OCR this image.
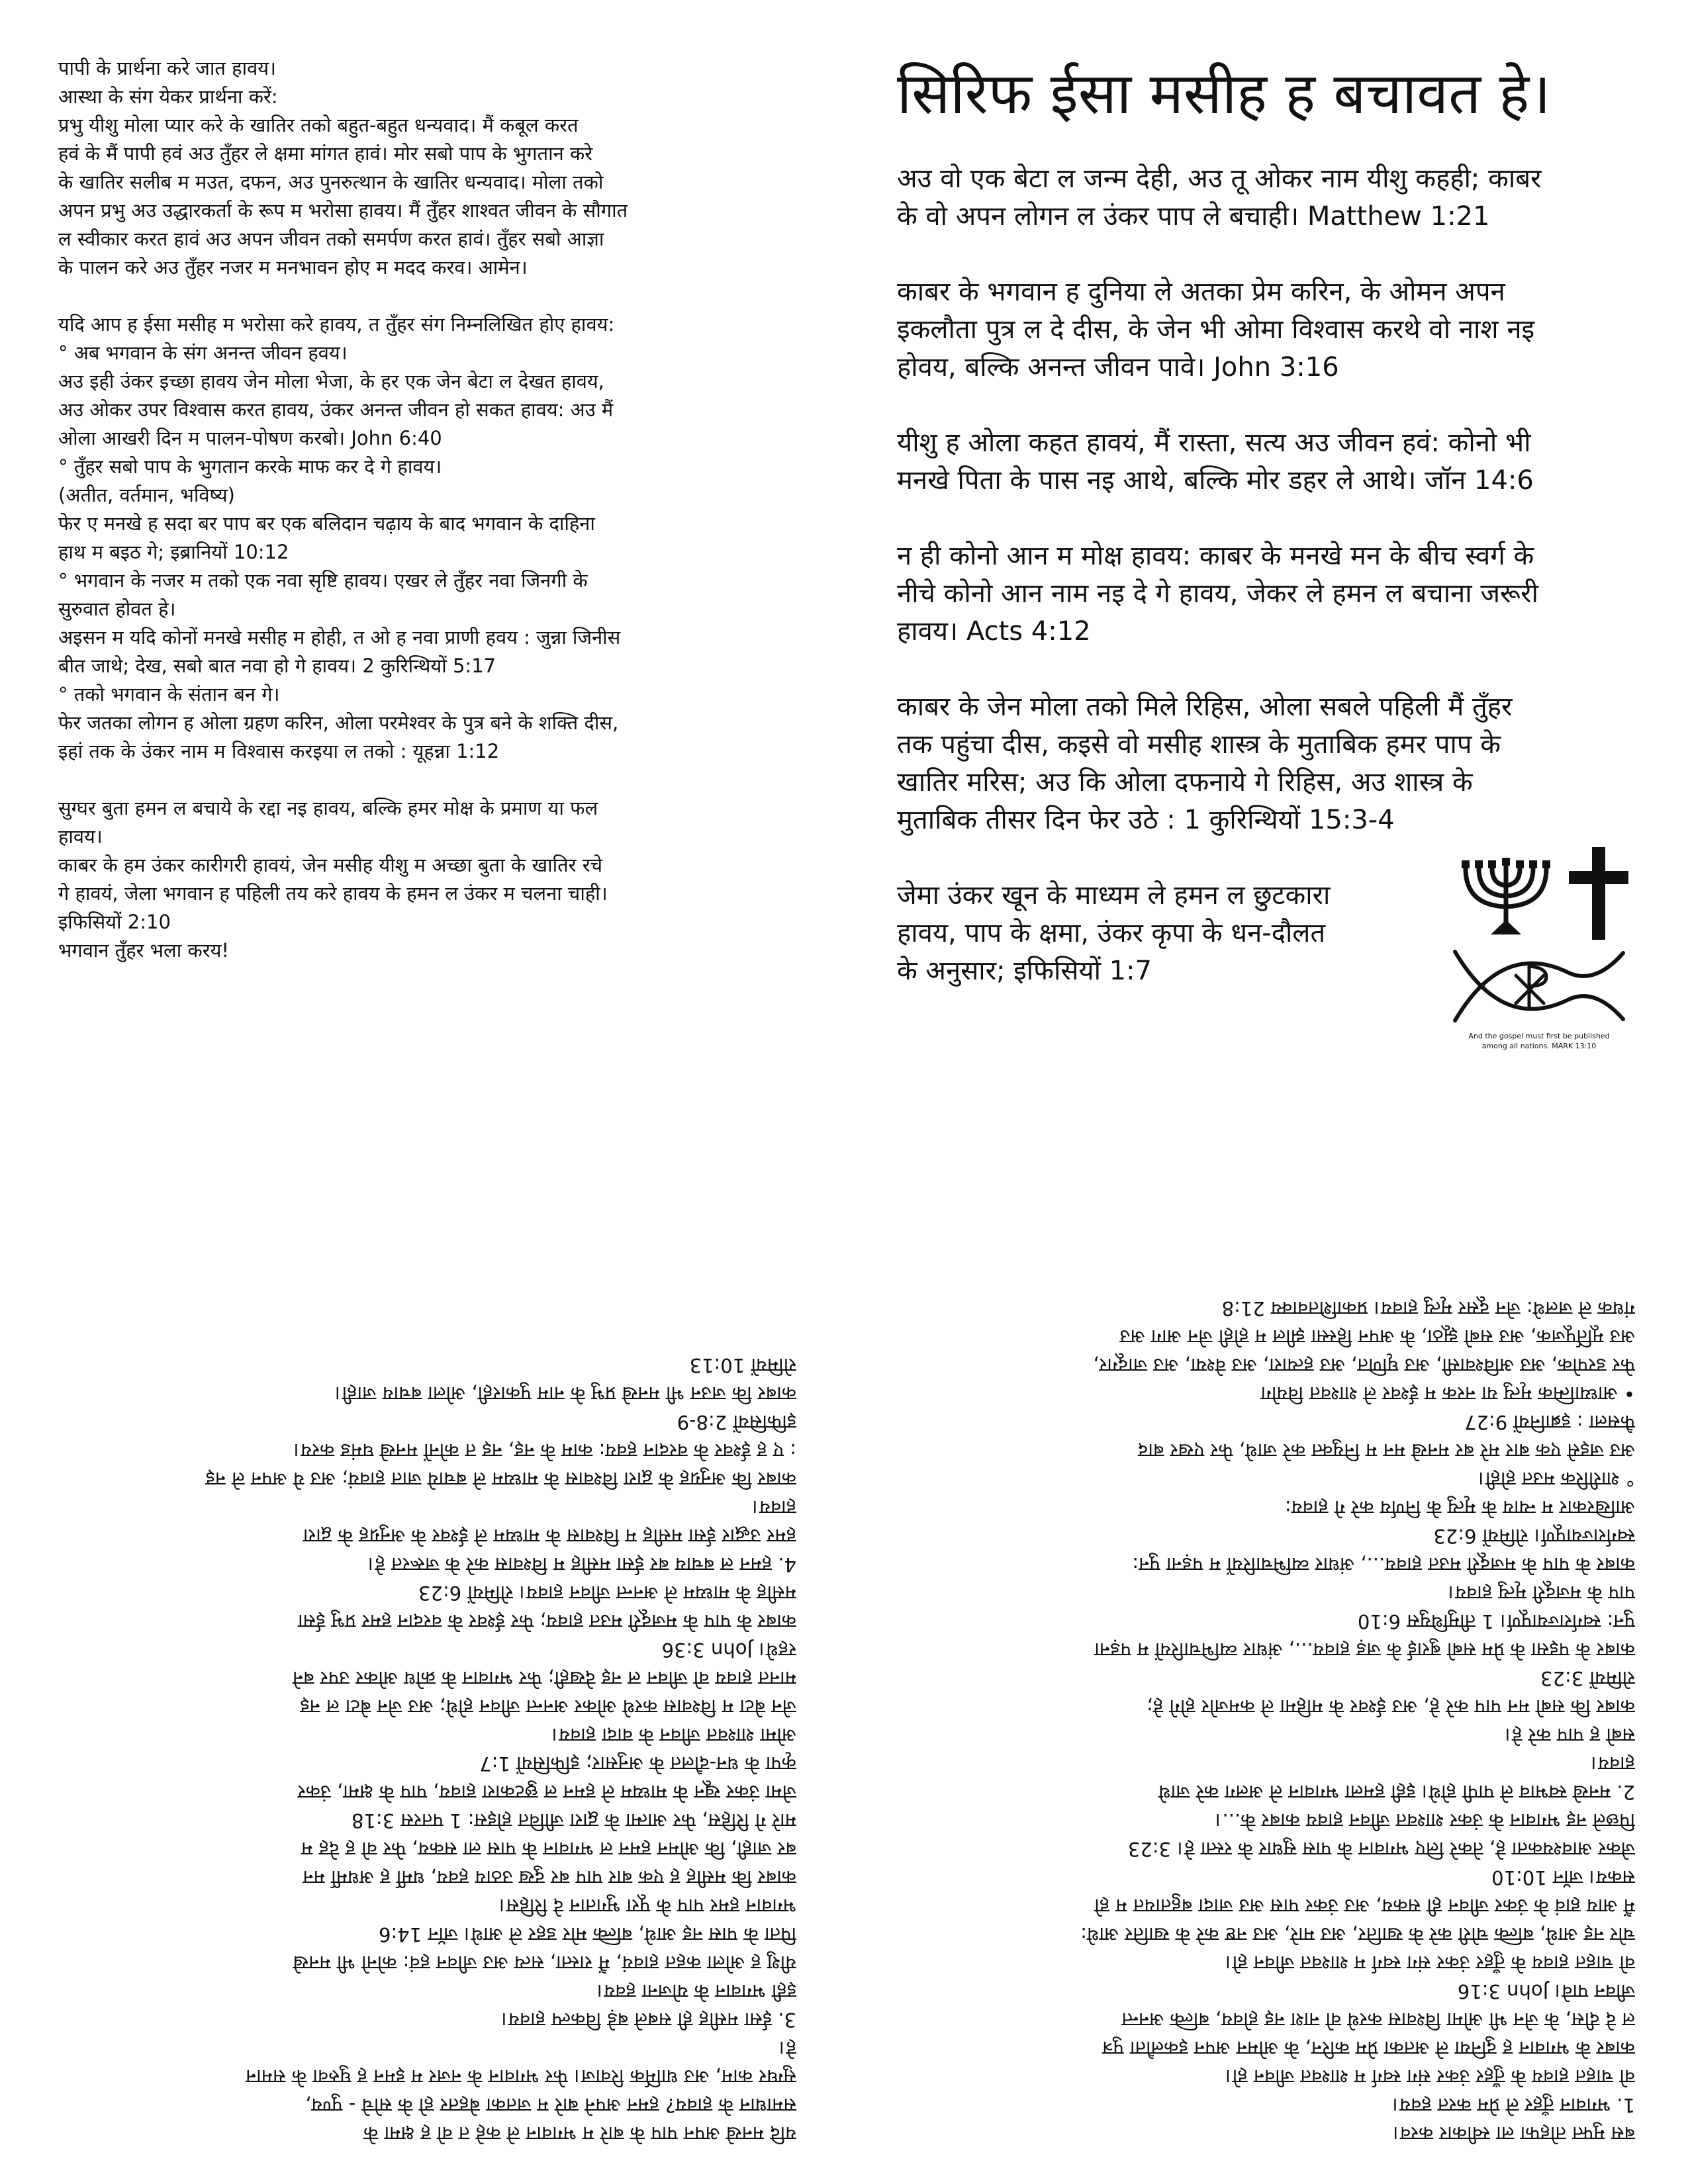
पापी के प्रार्थना करे जात हावय।

आस्था के संग येकर प्रार्थना करें:

प्रभु यीशु मोला प्यार करे के खातिर तको बहुत-बहुत धन्यवाद। मैं कबूल करत
हवं के मैं पापी हवं अउ तुँहर ले क्षमा मांगत हावं। मोर सबो पाप के भुगतान करे
के खातिर सलीब म मउत, दफन, अउ पुनरुत्थान के खातिर धन्यवाद। मोला तको
अपन प्रभु अउ उद्धारकर्ता के रूप म भरोसा हावय। मैं तुँहर शाश्वत जीवन के सौगात
ल स्वीकार करत हावं अउ अपन जीवन तको समर्पण करत हावं। तुँहर सबो आज्ञा
के पालन करे अउ तुँहर नजर म मनभावन होए म मदद करव। आमेन।

यदि आप ह ईसा मसीह म भरोसा करे हावय, त तुँहर संग निम्नलिखित होए हावय:
° अब भगवान के संग अनन्त जीवन हवय।
अउ इही उंकर इच्छा हावय जेन मोला भेजा, के हर एक जेन बेटा ल देखत हावय,
अउ ओकर उपर विश्वास करत हावय, उंकर अनन्त जीवन हो सकत हावय: अउ मैं
ओला आखरी दिन म पालन-पोषण करबो। John 6:40
° तुँहर सबो पाप के भुगतान करके माफ कर दे गे हावय।
(अतीत, वर्तमान, भविष्य)
फेर ए मनखे ह सदा बर पाप बर एक बलिदान चढ़ाय के बाद भगवान के दाहिना
हाथ म बइठ गे; इब्रानियों 10:12
° भगवान के नजर म तको एक नवा सृष्टि हावय। एखर ले तुँहर नवा जिनगी के
सुरुवात होवत हे।
अइसन म यदि कोनों मनखे मसीह म होही, त ओ ह नवा प्राणी हवय : जुन्ना जिनीस
बीत जाथे; देख, सबो बात नवा हो गे हावय। 2 कुरिन्थियों 5:17
° तको भगवान के संतान बन गे।
फेर जतका लोगन ह ओला ग्रहण करिन, ओला परमेश्वर के पुत्र बने के शक्ति दीस,
इहां तक के उंकर नाम म विश्वास करइया ल तको : यूहन्ना 1:12

सुग्घर बुता हमन ल बचाये के रद्दा नइ हावय, बल्कि हमर मोक्ष के प्रमाण या फल
हावय।
काबर के हम उंकर कारीगरी हावयं, जेन मसीह यीशु म अच्छा बुता के खातिर रचे
गे हावयं, जेला भगवान ह पहिली तय करे हावय के हमन ल उंकर म चलना चाही।
इफिसियों 2:10
भगवान तुँहर भला करय!

सिरिफ ईसा मसीह ह बचावत हे।

अउ वो एक बेटा ल जन्म देही, अउ तू ओकर नाम यीशु कहही; काबर
के वो अपन लोगन ल उंकर पाप ले बचाही। Matthew 1:21

काबर के भगवान ह दुनिया ले अतका प्रेम करिन, के ओमन अपन
इकलौता पुत्र ल दे दीस, के जेन भी ओमा विश्वास करथे वो नाश नइ
होवय, बल्कि अनन्त जीवन पावे। John 3:16

यीशु ह ओला कहत हावयं, मैं रास्ता, सत्य अउ जीवन हवं: कोनो भी
मनखे पिता के पास नइ आथे, बल्कि मोर डहर ले आथे। जॉन 14:6

न ही कोनो आन म मोक्ष हावय: काबर के मनखे मन के बीच स्वर्ग के
नीचे कोनो आन नाम नइ दे गे हावय, जेकर ले हमन ल बचाना जरूरी
हावय। Acts 4:12

काबर के जेन मोला तको मिले रिहिस, ओला सबले पहिली मैं तुँहर
तक पहुंचा दीस, कइसे वो मसीह शास्त्र के मुताबिक हमर पाप के
खातिर मरिस; अउ कि ओला दफनाये गे रिहिस, अउ शास्त्र के
मुताबिक तीसर दिन फेर उठे : 1 कुरिन्थियों 15:3-4

जेमा उंकर खून के माध्यम ले हमन ल छुटकारा
हावय, पाप के क्षमा, उंकर कृपा के धन-दौलत
के अनुसार; इफिसियों 1:7

And the gospel must first be published
among all nations. MARK 13:10

यदि मनखे अपन पाप के बारे म भगवान ले कहे त वो ह क्षमा के
समाधान के हावय? हमन अपने बारे म जतका बेहतर हो के सोचे - पुण्य,
सुग्घर काम, अउ धार्मिक रिवाज। फेर भगवान के नजर म इमन ह घुरुवा के समान
हे।
3. ईसा मसीह ही सबले बड़े विकल्प हावय।
इही भगवान के योजना हवय।
यीशु ह ओला कहत हावयं, मैं रास्ता, सत्य अउ जीवन हवं: कोनो भी मनखे
पिता के पास नइ आथे, बल्कि मोर डहर ले आथे। जॉन 14:6
भगवान हमर पाप के पूरा भुगतान दे रिहिस।
काबर कि मसीह ह एक बार पाप बर दुख उठाय हवय, धर्मी ह अधर्मी मन
बर जाही, कि ओमन हमन ल भगवान के पास ला सकय, फेर वो ह देह म
मारे गे रिहिस, फेर आत्मा के द्वारा जीवित होइस: 1 पतरस 3:18
जेमा उंकर खून के माध्यम ले हमन ल छुटकारा हावय, पाप के क्षमा, उंकर
कृपा के धन-दौलत के अनुसार; इफिसियों 1:7
ओमा शाश्वत जीवन के वादा हावय।
जेन बेटा म विश्वास करथे ओकर अनन्त जीवन होथे; अउ जेन बेटा ल नइ
मानत हावय वो जीवन ल नइ देखही; फेर भगवान के क्रोध ओकर उपर बने
रहथे। John 3:36
काबर के पाप के मजदूरी मउत हावय; फेर ईश्वर के वरदान हमर प्रभु ईसा
मसीह के माध्यम ले अनन्त जीवन हावय। रोमियों 6:23
4. हमन ल बचाय बर ईसा मसीह म विश्वास करे के जरूरत हे।
हमर उद्धार ईसा मसीह म विश्वास के माध्यम ले ईश्वर के अनुग्रह के द्वारा
हावय।
काबर कि अनुग्रह के द्वारा विश्वास के माध्यम ले बचाये जात हावयं; अउ ये अपन ले नइ
: ए ह ईश्वर के वरदान हवय: काम के नइ, नइ त कोनों मनखे घमंड करय।
इफिसियों 2:8-9
काबर कि जउन भी मनखे प्रभु के नाम पुकारही, ओला बचाय जाही।
रोमियों 10:13

बस मुफ्त तोहफा ला स्वीकार करव।
1. भगवान तुँहर ले प्रेम करत हवय।
वो चाहत हावय के तुँहर उंकर संग स्वर्ग म शाश्वत जीवन हो।
काबर के भगवान ह दुनिया ले अतका प्रेम करिन, के ओमन अपन इकलौता पुत्र
ल दे दीस, के जेन भी ओमा विश्वास करथे वो नाश नइ होवय, बल्कि अनन्त
जीवन पावे। John 3:16
वो चाहत हावय के तुँहर उंकर संग स्वर्ग म शाश्वत जीवन हो।
चोर नइ आथे, बल्कि चोरी करे के खातिर, अउ मारे, अउ नष्ट करे के खातिर आथे:
मैं आय हावं के उंकर जीवन ही सकय, अउ उंकर पास अउ जादा बहुतायत म हो
सकय। जॉन 10:10
जेकर आवश्यकता हे, तेकरे लिए भगवान के पास सुधार के रस्ता हे। 3:23
पिछले नइ भगवान के उंकर शाश्वत जीवन हावय काबर के...।
2. मनखे स्वभाव ले पापी होथे। इही हमला भगवान ले अलग करे जाथे
हावय।
सबो ह पाप करे हे।
काबर कि सबो मन पाप करे हे, अउ ईश्वर के महिमा ले कमजोर होगे हे;
रोमियों 3:23
काबर के पइसा के प्रेम सबो बुराई के जड़ हावय..., अंधार व्यभिचारियों म पड़ना
पुन: स्वर्गराज्यापूर्ण। 1 तीमुथियुस 6:10
पाप के मजदूरी मृत्यु हावय।
काबर के पाप के मजदूरी मउत हावय..., अंधार व्यभिचारियों म पड़ना पुन:
स्वर्गराज्यापूर्ण। रोमियों 6:23
आखिरकार म न्याय के मृत्यु के निर्णय करे गे हावय:
° शारीरिक मउत होही।
अउ जइसे एक बार मरे बर मनखे मन म नियुक्त करे जाथे, फेर एखर बाद
फैसला : इब्रानियों 9:27
• आध्यात्मिक मृत्यु या नरक म ईश्वर ले शाश्वत वियोग
फेर डरपोक, अउ अविश्वासी, अउ घृणित, अउ हत्यारा, अउ वेश्या, अउ जादूगर,
अउ मूर्तिपूजक, अउ सबो झूठा, के अपन हिस्सा झील म होही जेन आग अउ
गंधक ले जलथे: जेन दूसर मृत्यु हावय। प्रकाशितवाक्य 21:8
